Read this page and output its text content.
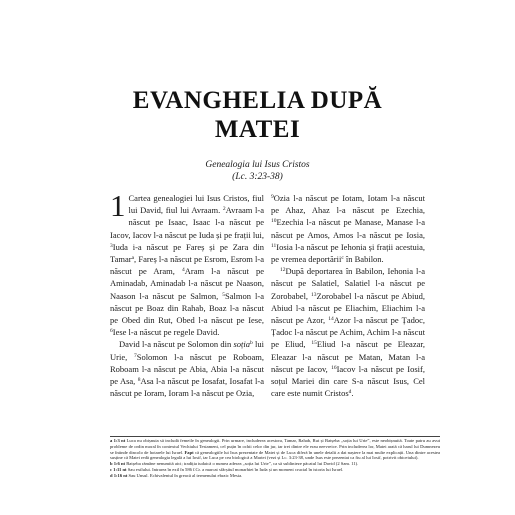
EVANGHELIA DUPĂ
MATEI
Genealogia lui Isus Cristos
(Lc. 3:23-38)

1 Cartea genealogiei lui Isus Cristos, fiul lui David, fiul lui Avraam. $^2$Avraam l-a născut pe Isaac, Isaac l-a născut pe Iacov, Iacov l-a născut pe Iuda și pe frații lui, $^3$Iuda i-a născut pe Fareș și pe Zara din Tamar$^a$, Fareș l-a născut pe Esrom, Esrom l-a născut pe Aram, $^4$Aram l-a născut pe Aminadab, Aminadab l-a născut pe Naason, Naason l-a născut pe Salmon, $^5$Salmon l-a născut pe Boaz din Rahab, Boaz l-a născut pe Obed din Rut, Obed l-a născut pe Iese, $^6$Iese l-a născut pe regele David.

David l-a născut pe Solomon din soția$^b$ lui Urie, $^7$Solomon l-a născut pe Roboam, Roboam l-a născut pe Abia, Abia l-a născut pe Asa, $^8$Asa l-a născut pe Iosafat, Iosafat l-a născut pe Ioram, Ioram l-a născut pe Ozia,

$^9$Ozia l-a născut pe Iotam, Iotam l-a născut pe Ahaz, Ahaz l-a născut pe Ezechia, $^{10}$Ezechia l-a născut pe Manase, Manase l-a născut pe Amos, Amos l-a născut pe Iosia, $^{11}$Iosia l-a născut pe Iehonia și frații acestuia, pe vremea deportării$^c$ în Babilon.

$^{12}$După deportarea în Babilon, Iehonia l-a născut pe Salatiel, Salatiel l-a născut pe Zorobabel, $^{13}$Zorobabel l-a născut pe Abiud, Abiud l-a născut pe Eliachim, Eliachim l-a născut pe Azor, $^{14}$Azor l-a născut pe Țadoc, Țadoc l-a născut pe Achim, Achim l-a născut pe Eliud, $^{15}$Eliud l-a născut pe Eleazar, Eleazar l-a născut pe Matan, Matan l-a născut pe Iacov, $^{16}$Iacov l-a născut pe Iosif, soțul Mariei din care S-a născut Isus, Cel care este numit Cristos$^d$.

a 1:3 nt Luca nu obișnuia să includă femeile în genealogii. Prin urmare, includerea acestora, Tamar, Rahab, Rut și Batșeba „soția lui Urie”, este neobișnuită. Toate patru au avut probleme de ordin moral în contextul Vechiului Testament, cel puțin în ochii celor din jur, iar trei dintre ele erau neevreice. Prin includerea lor, Matei arată că harul lui Dumnezeu se întinde dincolo de hotarele lui Israel. Fapt că genealogiile lui Isus prezentate de Matei și de Luca diferă în unele detalii a dat naștere la mai multe explicații. Una dintre acestea susține că Matei redă genealogia legală a lui Iosif, iar Luca pe cea biologică a Mariei (vezi și Lc. 3:23-38, unde Isus este prezentat ca fiu al lui Iosif, potrivit obiceiului).

b 1:6 nt Batșeba rămâne nenumită aici; tradiția iudaică o numea adesea „soția lui Urie”, ca să sublinieze păcatul lui David (2 Sam. 11).

c 1:11 nt Sau exilului. Intrarea în exil în 586 î.Cr. a marcat sfârșitul monarhiei în Iuda și un moment crucial în istoria lui Israel.

d 1:16 nt Sau Unsul. Echivalentul în greacă al termenului ebraic Mesia.
